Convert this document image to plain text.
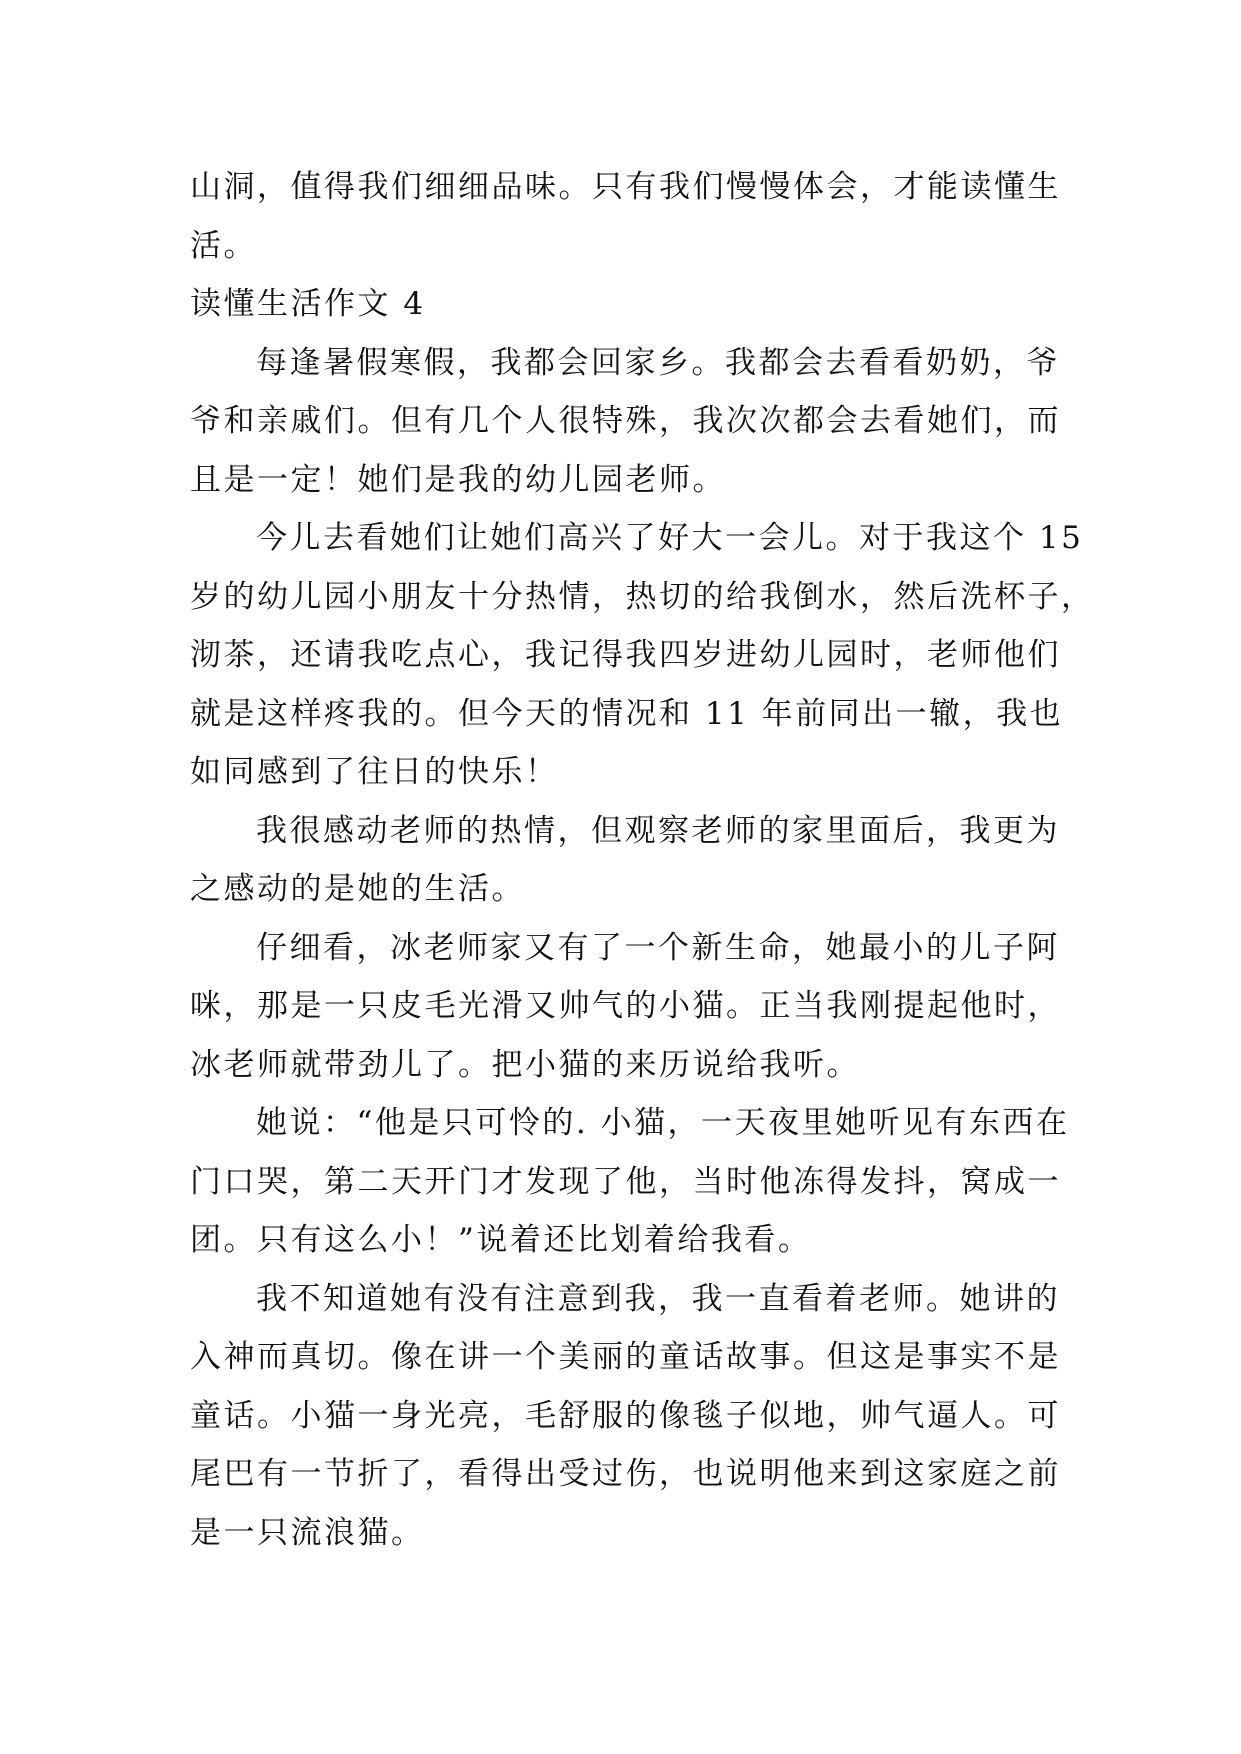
山洞，值得我们细细品味。只有我们慢慢体会，才能读懂生
活。
读懂生活作文 4
每逢暑假寒假，我都会回家乡。我都会去看看奶奶，爷
爷和亲戚们。但有几个人很特殊，我次次都会去看她们，而
且是一定！她们是我的幼儿园老师。
今儿去看她们让她们高兴了好大一会儿。对于我这个 15
岁的幼儿园小朋友十分热情，热切的给我倒水，然后洗杯子，
沏茶，还请我吃点心，我记得我四岁进幼儿园时，老师他们
就是这样疼我的。但今天的情况和 11 年前同出一辙，我也
如同感到了往日的快乐！
我很感动老师的热情，但观察老师的家里面后，我更为
之感动的是她的生活。
仔细看，冰老师家又有了一个新生命，她最小的儿子阿
咪，那是一只皮毛光滑又帅气的小猫。正当我刚提起他时，
冰老师就带劲儿了。把小猫的来历说给我听。
她说：“他是只可怜的. 小猫，一天夜里她听见有东西在
门口哭，第二天开门才发现了他，当时他冻得发抖，窝成一
团。只有这么小！”说着还比划着给我看。
我不知道她有没有注意到我，我一直看着老师。她讲的
入神而真切。像在讲一个美丽的童话故事。但这是事实不是
童话。小猫一身光亮，毛舒服的像毯子似地，帅气逼人。可
尾巴有一节折了，看得出受过伤，也说明他来到这家庭之前
是一只流浪猫。
